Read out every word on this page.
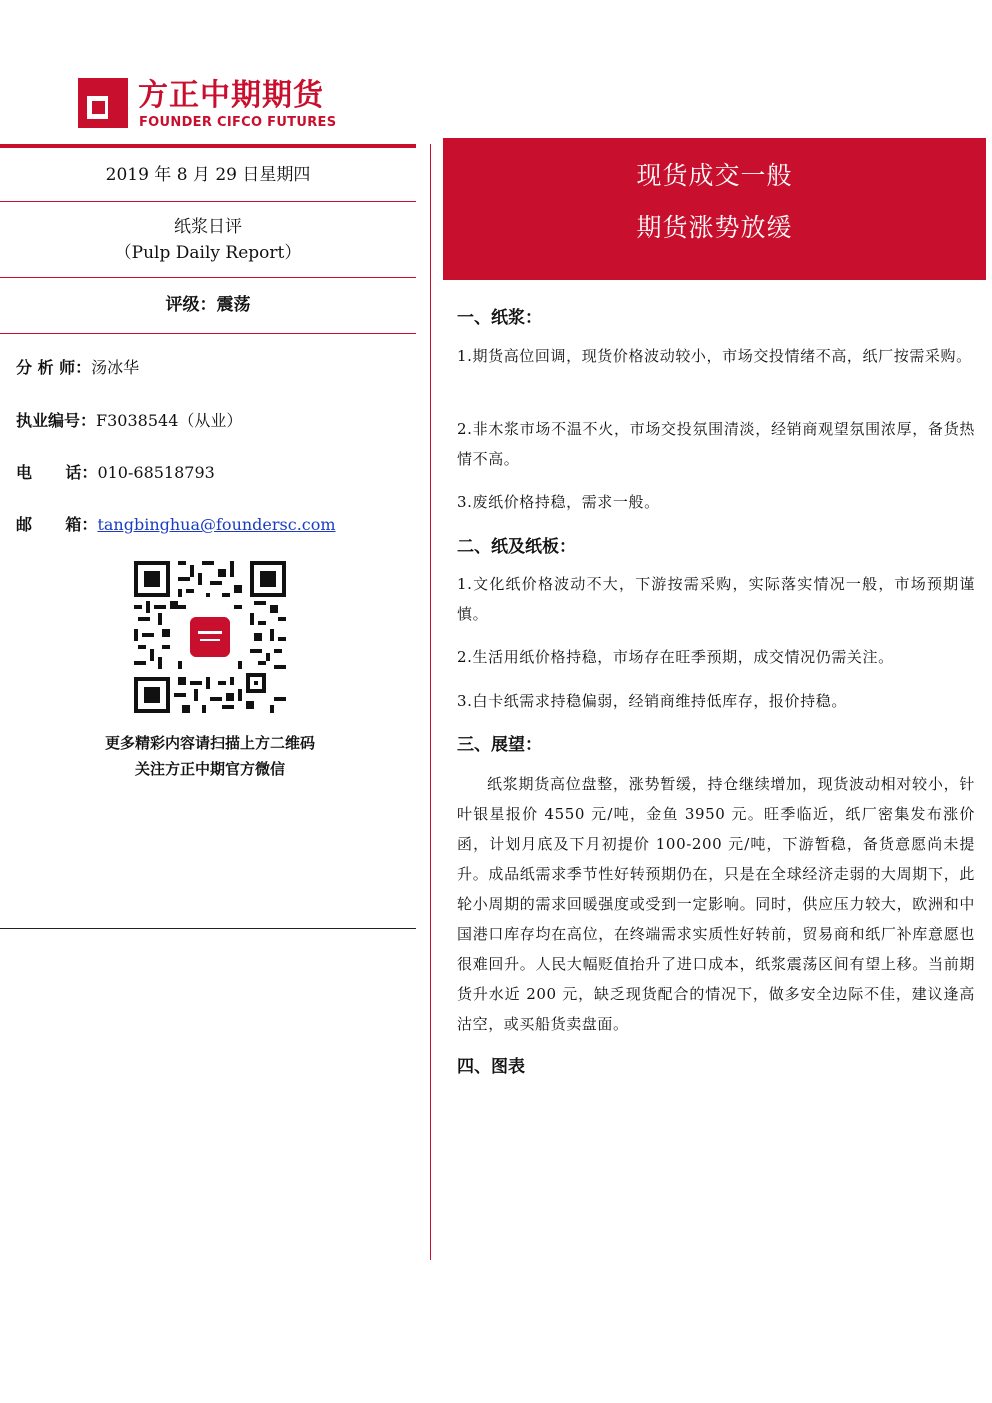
方正中期期货
FOUNDER CIFCO FUTURES
2019 年 8 月 29 日星期四
纸浆日评
（Pulp Daily Report）
评级：震荡
分 析 师：汤冰华
执业编号：F3038544（从业）
电      话：010-68518793
邮      箱：tangbinghua@foundersc.com
更多精彩内容请扫描上方二维码
关注方正中期官方微信
现货成交一般
期货涨势放缓
一、纸浆：
1.期货高位回调，现货价格波动较小，市场交投情绪不高，纸厂按需采购。
2.非木浆市场不温不火，市场交投氛围清淡，经销商观望氛围浓厚，备货热情不高。
3.废纸价格持稳，需求一般。
二、纸及纸板：
1.文化纸价格波动不大，下游按需采购，实际落实情况一般，市场预期谨慎。
2.生活用纸价格持稳，市场存在旺季预期，成交情况仍需关注。
3.白卡纸需求持稳偏弱，经销商维持低库存，报价持稳。
三、展望：
纸浆期货高位盘整，涨势暂缓，持仓继续增加，现货波动相对较小，针叶银星报价 4550 元/吨，金鱼 3950 元。旺季临近，纸厂密集发布涨价函，计划月底及下月初提价 100-200 元/吨，下游暂稳，备货意愿尚未提升。成品纸需求季节性好转预期仍在，只是在全球经济走弱的大周期下，此轮小周期的需求回暖强度或受到一定影响。同时，供应压力较大，欧洲和中国港口库存均在高位，在终端需求实质性好转前，贸易商和纸厂补库意愿也很难回升。人民大幅贬值抬升了进口成本，纸浆震荡区间有望上移。当前期货升水近 200 元，缺乏现货配合的情况下，做多安全边际不佳，建议逢高沽空，或买船货卖盘面。
四、图表
